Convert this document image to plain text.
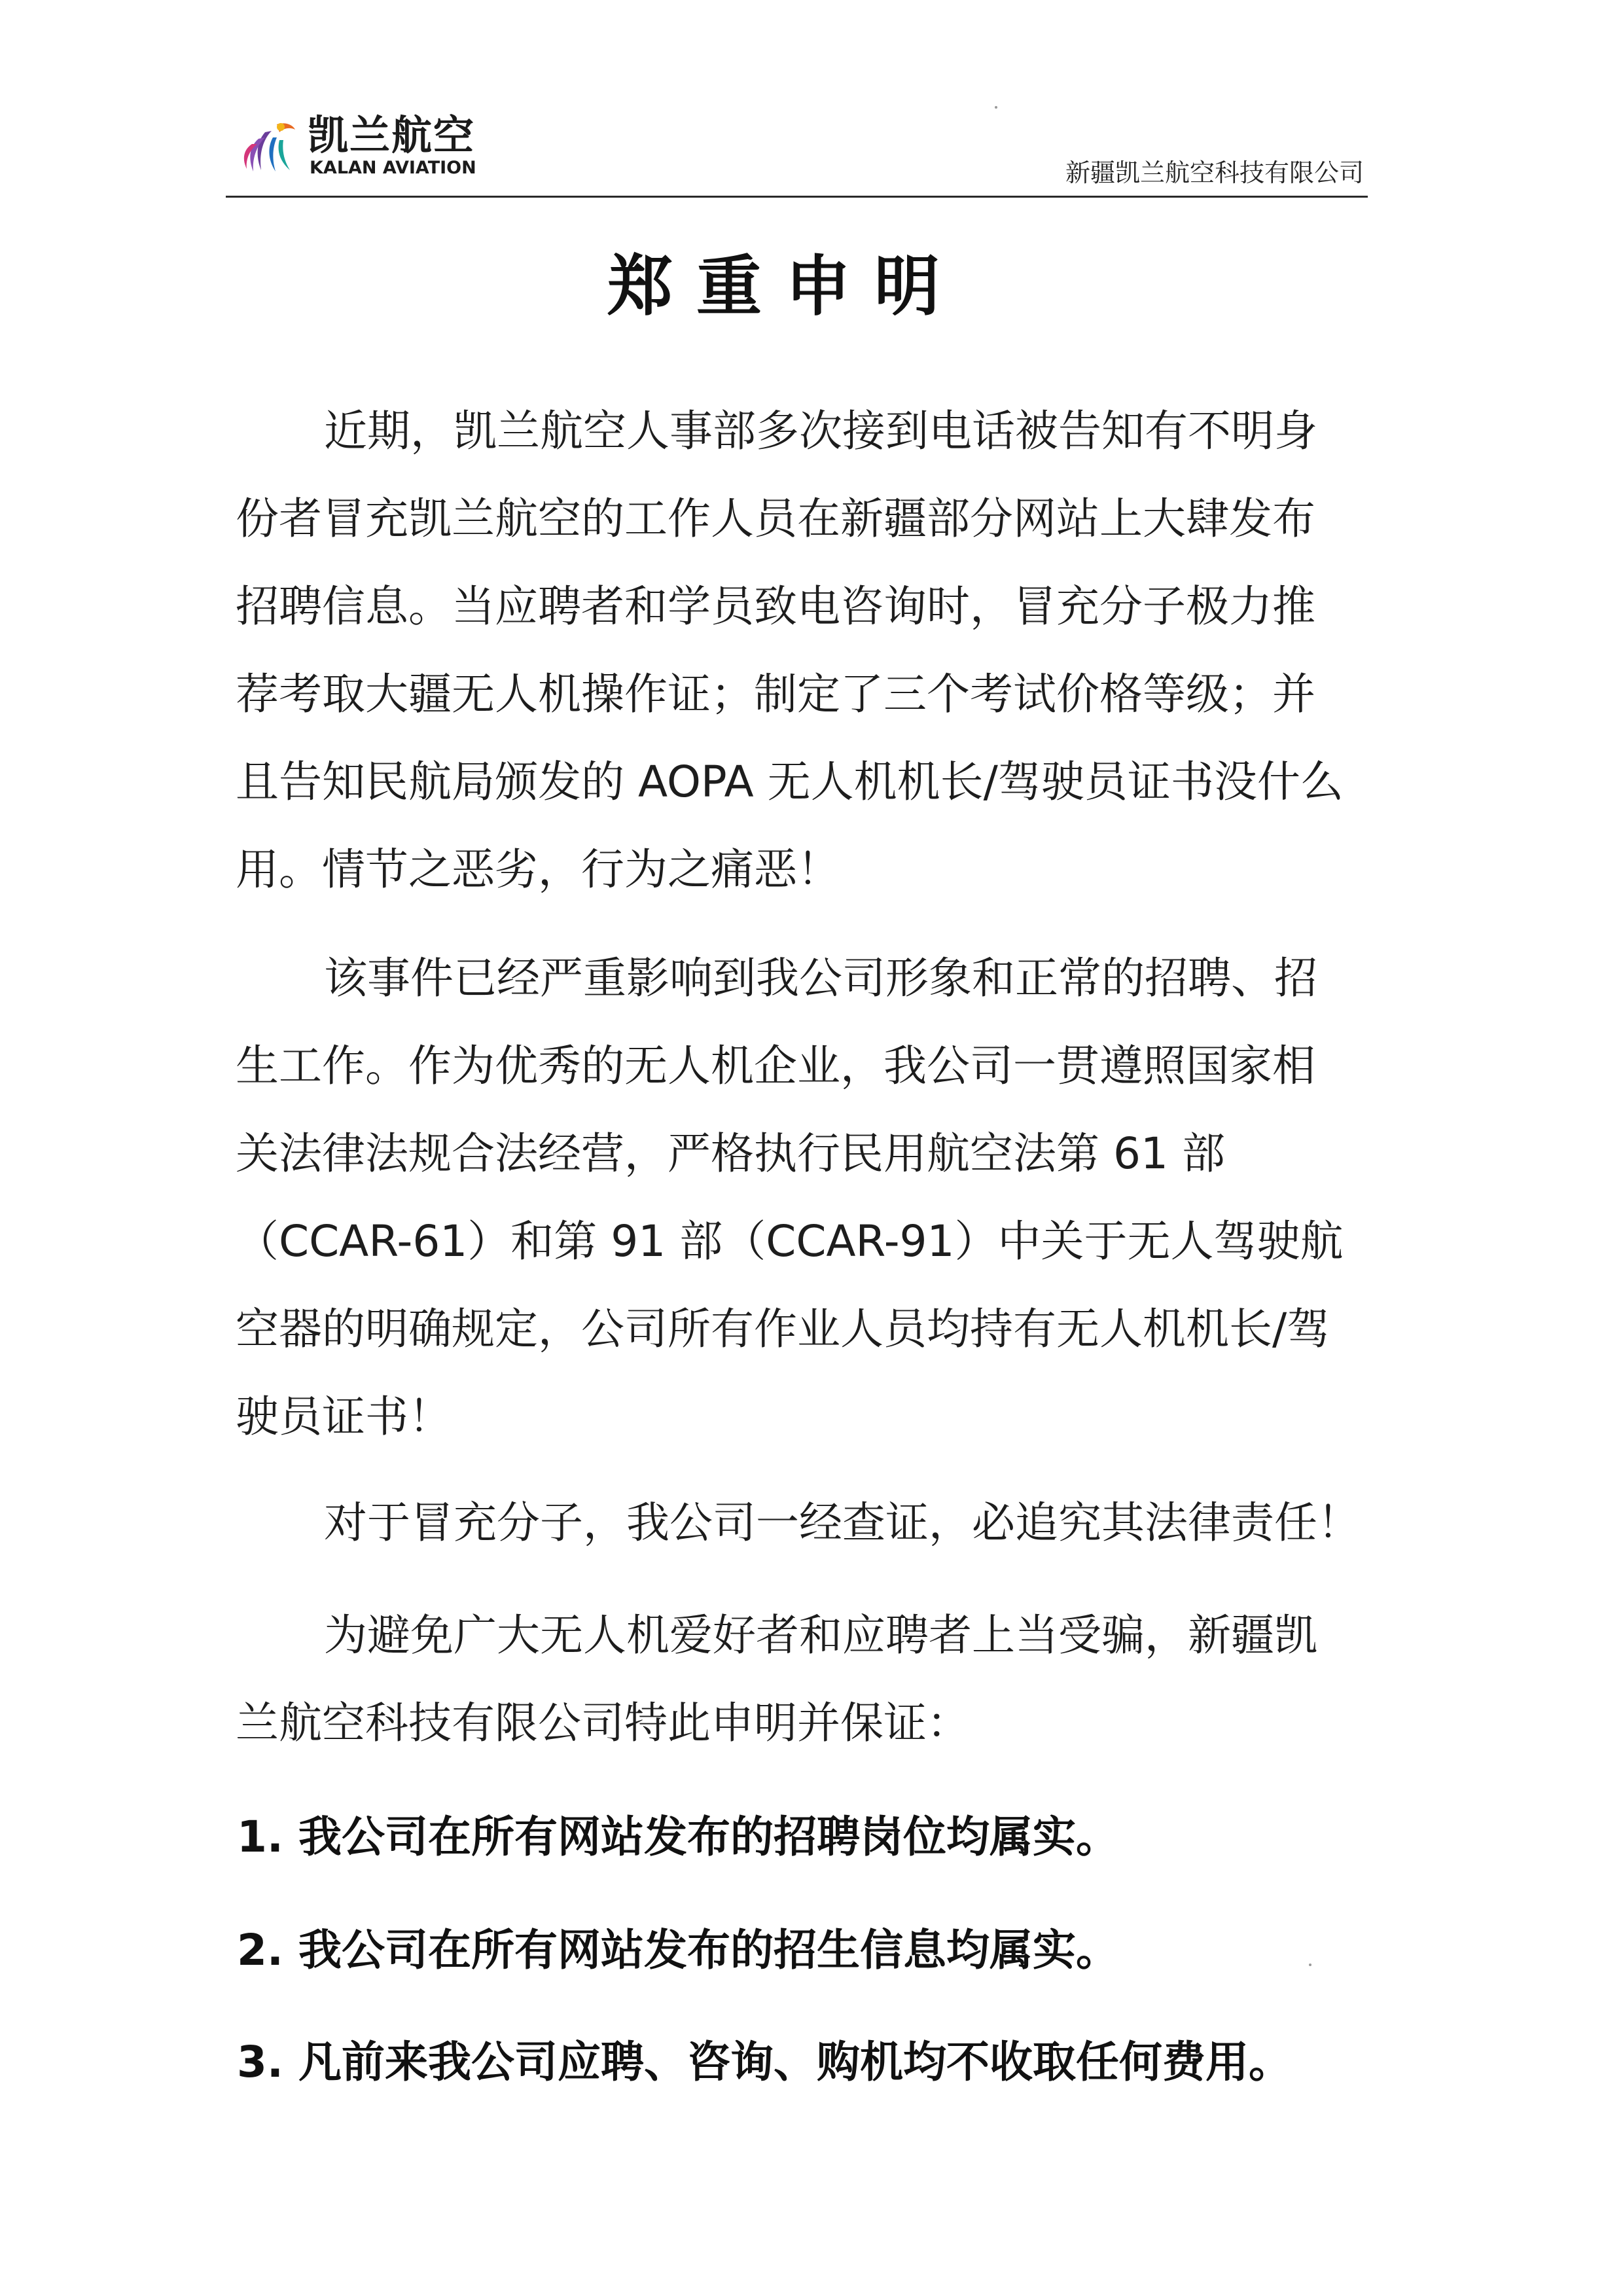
凯兰航空
KALAN AVIATION	新疆凯兰航空科技有限公司
郑重申明
近期，凯兰航空人事部多次接到电话被告知有不明身
份者冒充凯兰航空的工作人员在新疆部分网站上大肆发布
招聘信息。当应聘者和学员致电咨询时，冒充分子极力推
荐考取大疆无人机操作证；制定了三个考试价格等级；并
且告知民航局颁发的 AOPA 无人机机长/驾驶员证书没什么
用。情节之恶劣，行为之痛恶！
该事件已经严重影响到我公司形象和正常的招聘、招
生工作。作为优秀的无人机企业，我公司一贯遵照国家相
关法律法规合法经营，严格执行民用航空法第 61 部
（CCAR-61）和第 91 部（CCAR-91）中关于无人驾驶航
空器的明确规定，公司所有作业人员均持有无人机机长/驾
驶员证书！
对于冒充分子，我公司一经查证，必追究其法律责任！
为避免广大无人机爱好者和应聘者上当受骗，新疆凯
兰航空科技有限公司特此申明并保证：
1. 我公司在所有网站发布的招聘岗位均属实。
2. 我公司在所有网站发布的招生信息均属实。
3. 凡前来我公司应聘、咨询、购机均不收取任何费用。
